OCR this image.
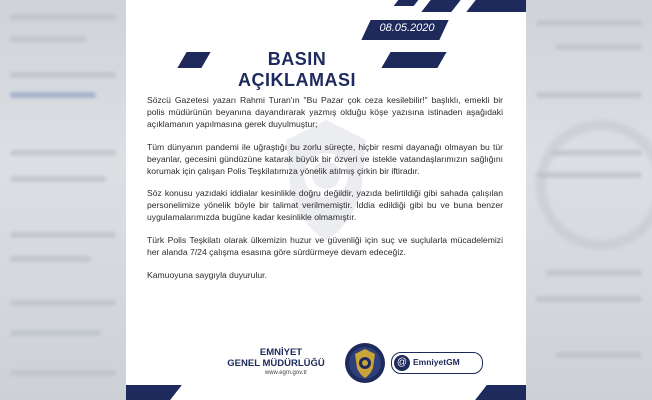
08.05.2020
BASIN AÇIKLAMASI

Sözcü Gazetesi yazarı Rahmi Turan'ın "Bu Pazar çok ceza kesilebilir!" başlıklı, emekli bir polis müdürünün beyanına dayandırarak yazmış olduğu köşe yazısına istinaden aşağıdaki açıklamanın yapılmasına gerek duyulmuştur;

Tüm dünyanın pandemi ile uğraştığı bu zorlu süreçte, hiçbir resmi dayanağı olmayan bu tür beyanlar, gecesini gündüzüne katarak büyük bir özveri ve istekle vatandaşlarımızın sağlığını korumak için çalışan Polis Teşkilatımıza yönelik atılmış çirkin bir iftiradır.

Söz konusu yazıdaki iddialar kesinlikle doğru değildir, yazıda belirtildiği gibi sahada çalışılan personelimize yönelik böyle bir talimat verilmemiştir. İddia edildiği gibi bu ve buna benzer uygulamalarımızda bugüne kadar kesinlikle olmamıştır.

Türk Polis Teşkilatı olarak ülkemizin huzur ve güvenliği için suç ve suçlularla mücadelemizi her alanda 7/24 çalışma esasına göre sürdürmeye devam edeceğiz.

Kamuoyuna saygıyla duyurulur.

EMNİYET
GENEL MÜDÜRLÜĞÜ
www.egm.gov.tr
@ EmniyetGM
